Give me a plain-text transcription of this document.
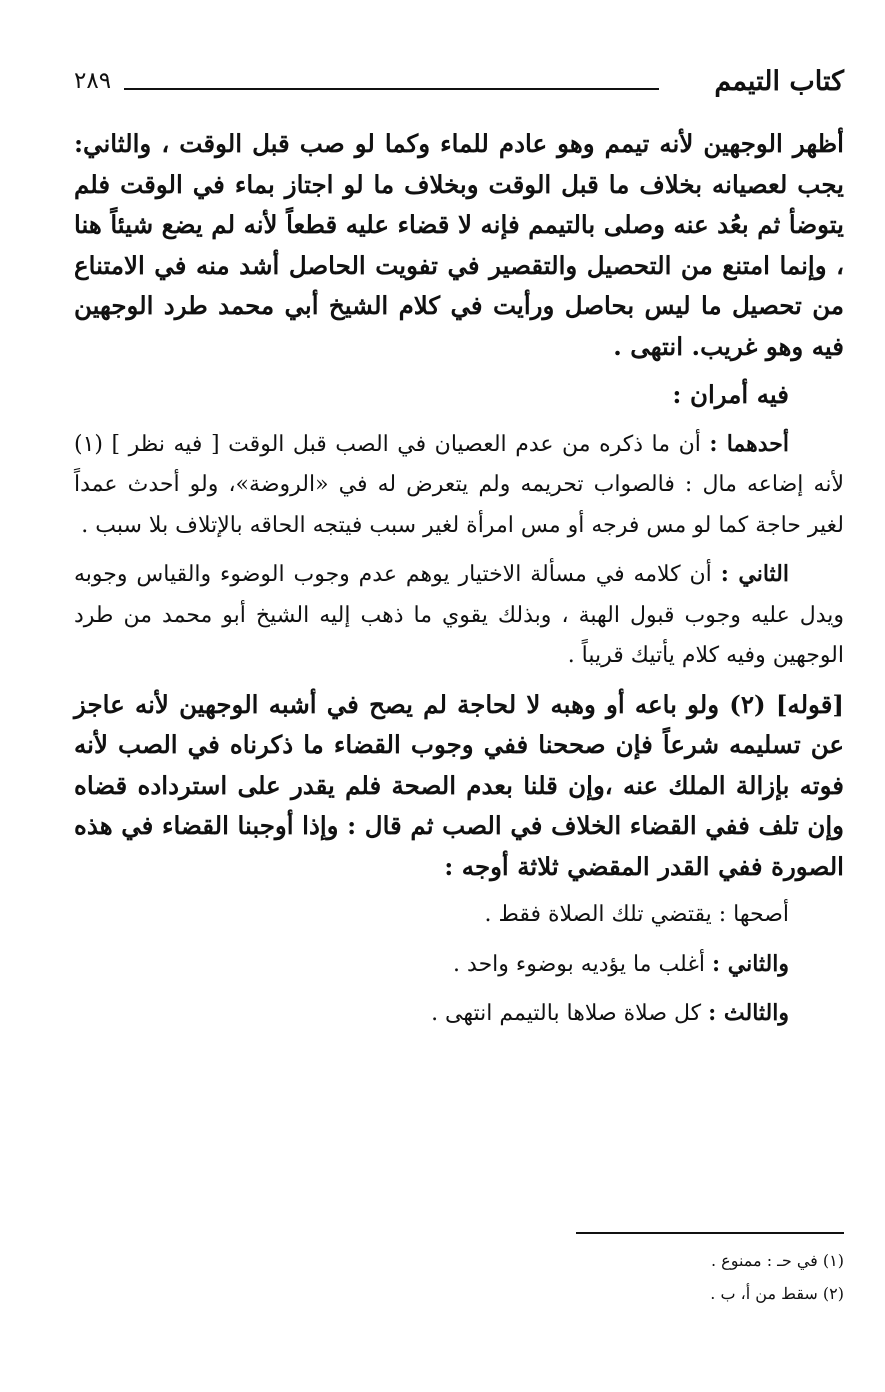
٢٨٩	كتاب التيمم

أظهر الوجهين لأنه تيمم وهو عادم للماء وكما لو صب قبل الوقت ، والثاني: يجب لعصيانه بخلاف ما قبل الوقت وبخلاف ما لو اجتاز بماء في الوقت فلم يتوضأ ثم بعُد عنه وصلى بالتيمم فإنه لا قضاء عليه قطعاً لأنه لم يضع شيئاً هنا ، وإنما امتنع من التحصيل والتقصير في تفويت الحاصل أشد منه في الامتناع من تحصيل ما ليس بحاصل ورأيت في كلام الشيخ أبي محمد طرد الوجهين فيه وهو غريب. انتهى .

فيه أمران :

أحدهما : أن ما ذكره من عدم العصيان في الصب قبل الوقت [ فيه نظر ] (١) لأنه إضاعه مال : فالصواب تحريمه ولم يتعرض له في «الروضة»، ولو أحدث عمداً لغير حاجة كما لو مس فرجه أو مس امرأة لغير سبب فيتجه الحاقه بالإتلاف بلا سبب .

الثاني : أن كلامه في مسألة الاختيار يوهم عدم وجوب الوضوء والقياس وجوبه ويدل عليه وجوب قبول الهبة ، وبذلك يقوي ما ذهب إليه الشيخ أبو محمد من طرد الوجهين وفيه كلام يأتيك قريباً .

[قوله] (٢) ولو باعه أو وهبه لا لحاجة لم يصح في أشبه الوجهين لأنه عاجز عن تسليمه شرعاً فإن صححنا ففي وجوب القضاء ما ذكرناه في الصب لأنه فوته بإزالة الملك عنه ،وإن قلنا بعدم الصحة فلم يقدر على استرداده قضاه وإن تلف ففي القضاء الخلاف في الصب ثم قال : وإذا أوجبنا القضاء في هذه الصورة ففي القدر المقضي ثلاثة أوجه :

أصحها : يقتضي تلك الصلاة فقط .

والثاني : أغلب ما يؤديه بوضوء واحد .

والثالث : كل صلاة صلاها بالتيمم انتهى .

(١) في حـ : ممنوع .

(٢) سقط من أ، ب .
